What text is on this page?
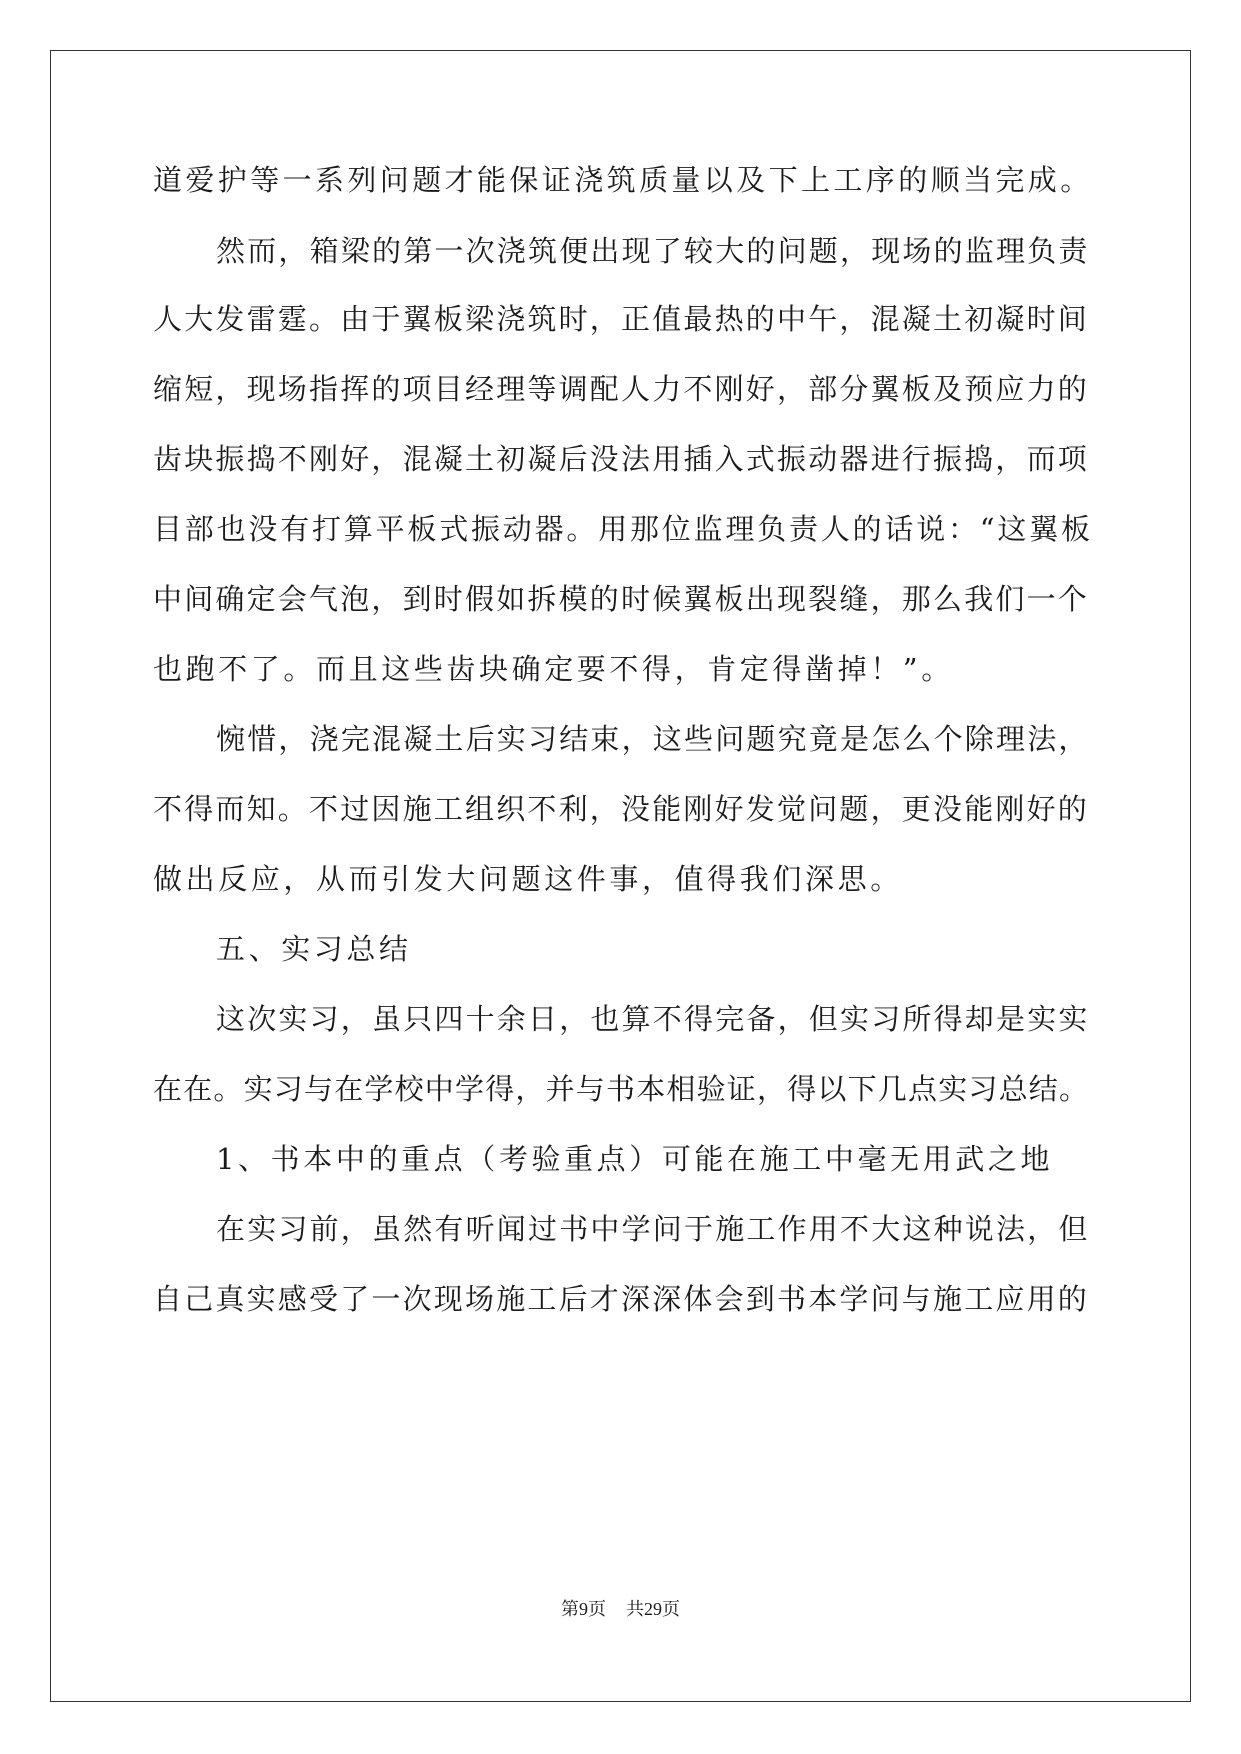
道爱护等一系列问题才能保证浇筑质量以及下上工序的顺当完成。
然而，箱梁的第一次浇筑便出现了较大的问题，现场的监理负责
人大发雷霆。由于翼板梁浇筑时，正值最热的中午，混凝土初凝时间
缩短，现场指挥的项目经理等调配人力不刚好，部分翼板及预应力的
齿块振捣不刚好，混凝土初凝后没法用插入式振动器进行振捣，而项
目部也没有打算平板式振动器。用那位监理负责人的话说：“这翼板
中间确定会气泡，到时假如拆模的时候翼板出现裂缝，那么我们一个
也跑不了。而且这些齿块确定要不得，肯定得凿掉！”。
惋惜，浇完混凝土后实习结束，这些问题究竟是怎么个除理法，
不得而知。不过因施工组织不利，没能刚好发觉问题，更没能刚好的
做出反应，从而引发大问题这件事，值得我们深思。
五、实习总结
这次实习，虽只四十余日，也算不得完备，但实习所得却是实实
在在。实习与在学校中学得，并与书本相验证，得以下几点实习总结。
1、书本中的重点（考验重点）可能在施工中毫无用武之地
在实习前，虽然有听闻过书中学问于施工作用不大这种说法，但
自己真实感受了一次现场施工后才深深体会到书本学问与施工应用的
第9页 共29页
